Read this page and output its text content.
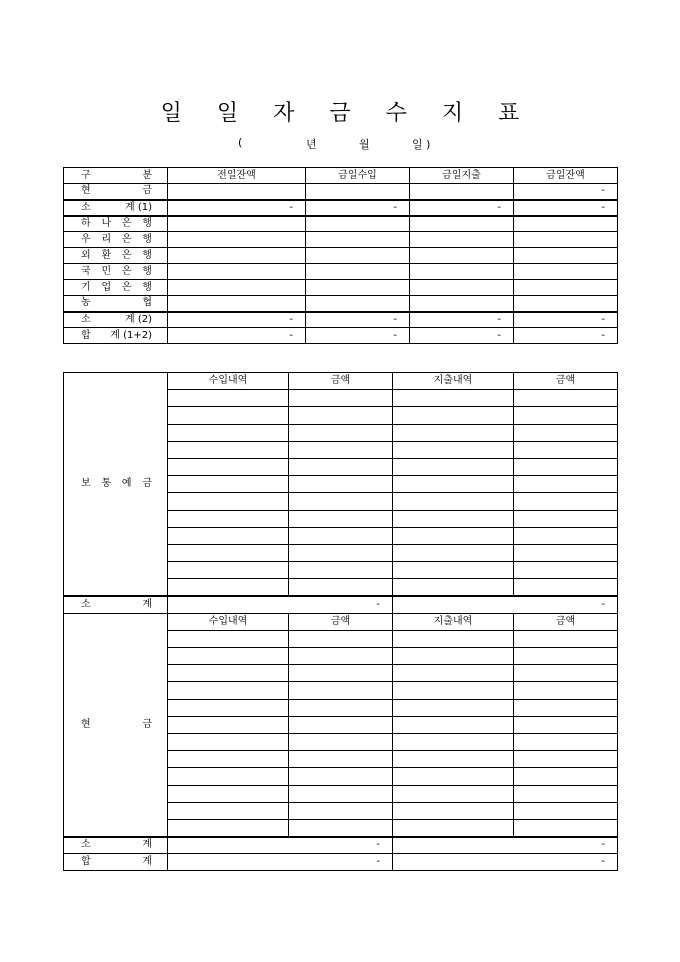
일 일 자 금 수 지 표
(	년	월	일 )
구 분	전일잔액	금일수입	금일지출	금일잔액

현 금				-

소 계 (1)	-	-	-	-

하 나 은 행				

우 리 은 행				

외 환 은 행				

국 민 은 행				

기 업 은 행				

농 협				

소 계 (2)	-	-	-	-

합 계 (1+2)	-	-	-	-
보 통 예 금	수입내역	금액	지출내역	금액

소 계	-		-	

현 금	수입내역	금액	지출내역	금액

소 계	-		-	

합 계	-		-	
